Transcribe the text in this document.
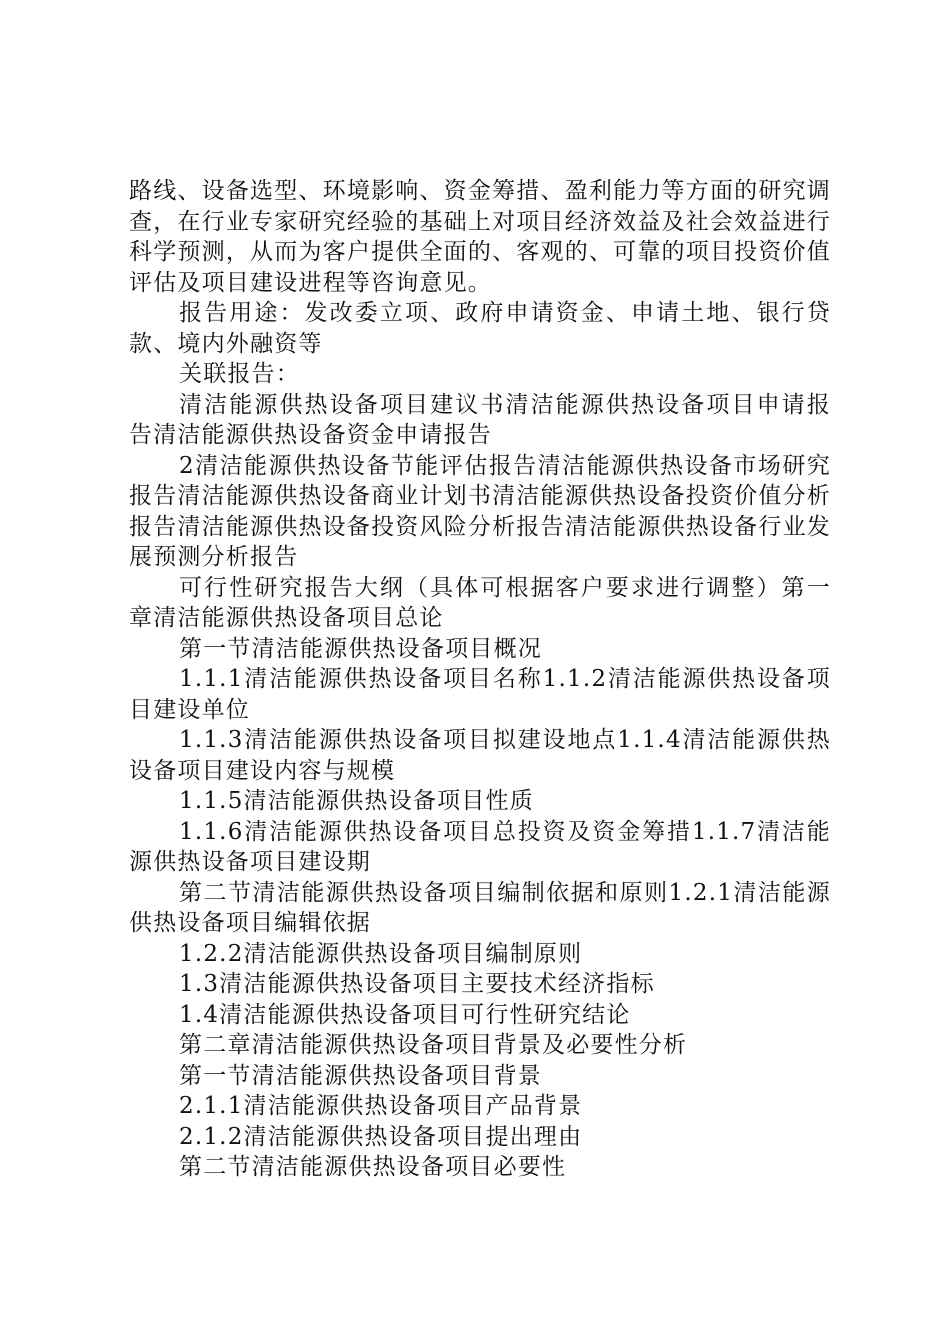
路线、设备选型、环境影响、资金筹措、盈利能力等方面的研究调查，在行业专家研究经验的基础上对项目经济效益及社会效益进行科学预测，从而为客户提供全面的、客观的、可靠的项目投资价值评估及项目建设进程等咨询意见。

报告用途：发改委立项、政府申请资金、申请土地、银行贷款、境内外融资等

关联报告：

清洁能源供热设备项目建议书清洁能源供热设备项目申请报告清洁能源供热设备资金申请报告

2清洁能源供热设备节能评估报告清洁能源供热设备市场研究报告清洁能源供热设备商业计划书清洁能源供热设备投资价值分析报告清洁能源供热设备投资风险分析报告清洁能源供热设备行业发展预测分析报告

可行性研究报告大纲（具体可根据客户要求进行调整）第一章清洁能源供热设备项目总论

第一节清洁能源供热设备项目概况

1.1.1清洁能源供热设备项目名称1.1.2清洁能源供热设备项目建设单位

1.1.3清洁能源供热设备项目拟建设地点1.1.4清洁能源供热设备项目建设内容与规模

1.1.5清洁能源供热设备项目性质

1.1.6清洁能源供热设备项目总投资及资金筹措1.1.7清洁能源供热设备项目建设期

第二节清洁能源供热设备项目编制依据和原则1.2.1清洁能源供热设备项目编辑依据

1.2.2清洁能源供热设备项目编制原则

1.3清洁能源供热设备项目主要技术经济指标

1.4清洁能源供热设备项目可行性研究结论

第二章清洁能源供热设备项目背景及必要性分析

第一节清洁能源供热设备项目背景

2.1.1清洁能源供热设备项目产品背景

2.1.2清洁能源供热设备项目提出理由

第二节清洁能源供热设备项目必要性
